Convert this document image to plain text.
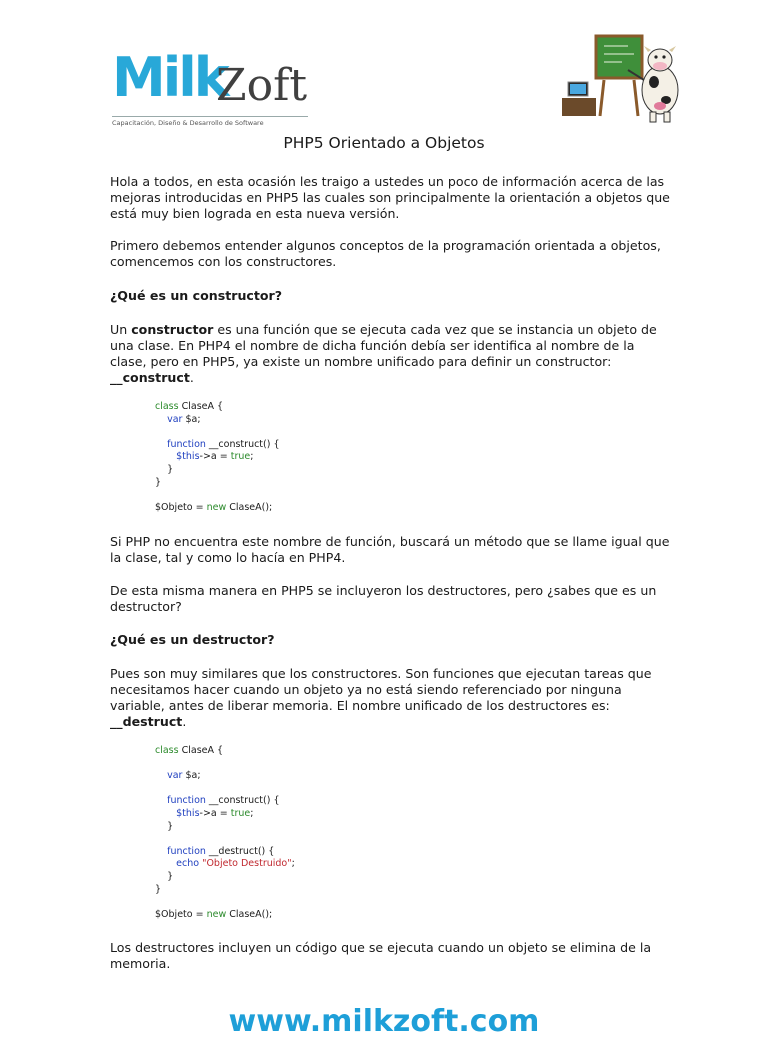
Milk
Zoft
Capacitación, Diseño & Desarrollo de Software
PHP5 Orientado a Objetos

Hola a todos, en esta ocasión les traigo a ustedes un poco de información acerca de las mejoras introducidas en PHP5 las cuales son principalmente la orientación a objetos que está muy bien lograda en esta nueva versión.

Primero debemos entender algunos conceptos de la programación orientada a objetos, comencemos con los constructores.

¿Qué es un constructor?

Un constructor es una función que se ejecuta cada vez que se instancia un objeto de una clase. En PHP4 el nombre de dicha función debía ser identifica al nombre de la clase, pero en PHP5, ya existe un nombre unificado para definir un constructor: __construct.

class ClaseA {
var $a;

function __construct() {
$this->a = true;
}
}

$Objeto = new ClaseA();

Si PHP no encuentra este nombre de función, buscará un método que se llame igual que la clase, tal y como lo hacía en PHP4.

De esta misma manera en PHP5 se incluyeron los destructores, pero ¿sabes que es un destructor?

¿Qué es un destructor?

Pues son muy similares que los constructores. Son funciones que ejecutan tareas que necesitamos hacer cuando un objeto ya no está siendo referenciado por ninguna variable, antes de liberar memoria. El nombre unificado de los destructores es: __destruct.

class ClaseA {

var $a;

function __construct() {
$this->a = true;
}

function __destruct() {
echo "Objeto Destruido";
}
}

$Objeto = new ClaseA();

Los destructores incluyen un código que se ejecuta cuando un objeto se elimina de la memoria.

www.milkzoft.com
